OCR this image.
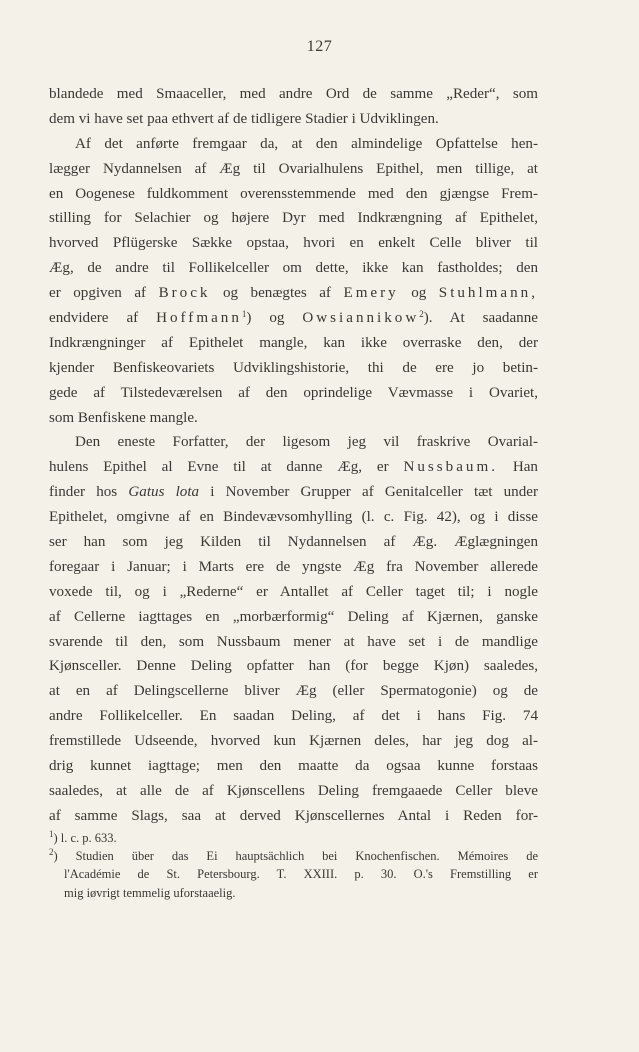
127
blandede med Smaaceller, med andre Ord de samme „Reder“, som
dem vi have set paa ethvert af de tidligere Stadier i Udviklingen.
Af det anførte fremgaar da, at den almindelige Opfattelse hen-
lægger Nydannelsen af Æg til Ovarialhulens Epithel, men tillige, at
en Oogenese fuldkomment overensstemmende med den gjængse Frem-
stilling for Selachier og højere Dyr med Indkrængning af Epithelet,
hvorved Pflügerske Sække opstaa, hvori en enkelt Celle bliver til
Æg, de andre til Follikelceller om dette, ikke kan fastholdes; den
er opgiven af Brock og benægtes af Emery og Stuhlmann,
endvidere af Hoffmann$^1$) og Owsiannikow$^2$). At saadanne
Indkrængninger af Epithelet mangle, kan ikke overraske den, der
kjender Benfiskeovariets Udviklingshistorie, thi de ere jo betin-
gede af Tilstedeværelsen af den oprindelige Vævmasse i Ovariet,
som Benfiskene mangle.
Den eneste Forfatter, der ligesom jeg vil fraskrive Ovarial-
hulens Epithel al Evne til at danne Æg, er Nussbaum. Han
finder hos Gatus lota i November Grupper af Genitalceller tæt under
Epithelet, omgivne af en Bindevævsomhylling (l. c. Fig. 42), og i disse
ser han som jeg Kilden til Nydannelsen af Æg. Æglægningen
foregaar i Januar; i Marts ere de yngste Æg fra November allerede
voxede til, og i „Rederne“ er Antallet af Celler taget til; i nogle
af Cellerne iagttages en „morbærformig“ Deling af Kjærnen, ganske
svarende til den, som Nussbaum mener at have set i de mandlige
Kjønsceller. Denne Deling opfatter han (for begge Kjøn) saaledes,
at en af Delingscellerne bliver Æg (eller Spermatogonie) og de
andre Follikelceller. En saadan Deling, af det i hans Fig. 74
fremstillede Udseende, hvorved kun Kjærnen deles, har jeg dog al-
drig kunnet iagttage; men den maatte da ogsaa kunne forstaas
saaledes, at alle de af Kjønscellens Deling fremgaaede Celler bleve
af samme Slags, saa at derved Kjønscellernes Antal i Reden for-
$^1$) l. c. p. 633.
$^2$) Studien über das Ei hauptsächlich bei Knochenfischen. Mémoires de
l'Académie de St. Petersbourg. T. XXIII. p. 30. O.'s Fremstilling er
mig iøvrigt temmelig uforstaaelig.
